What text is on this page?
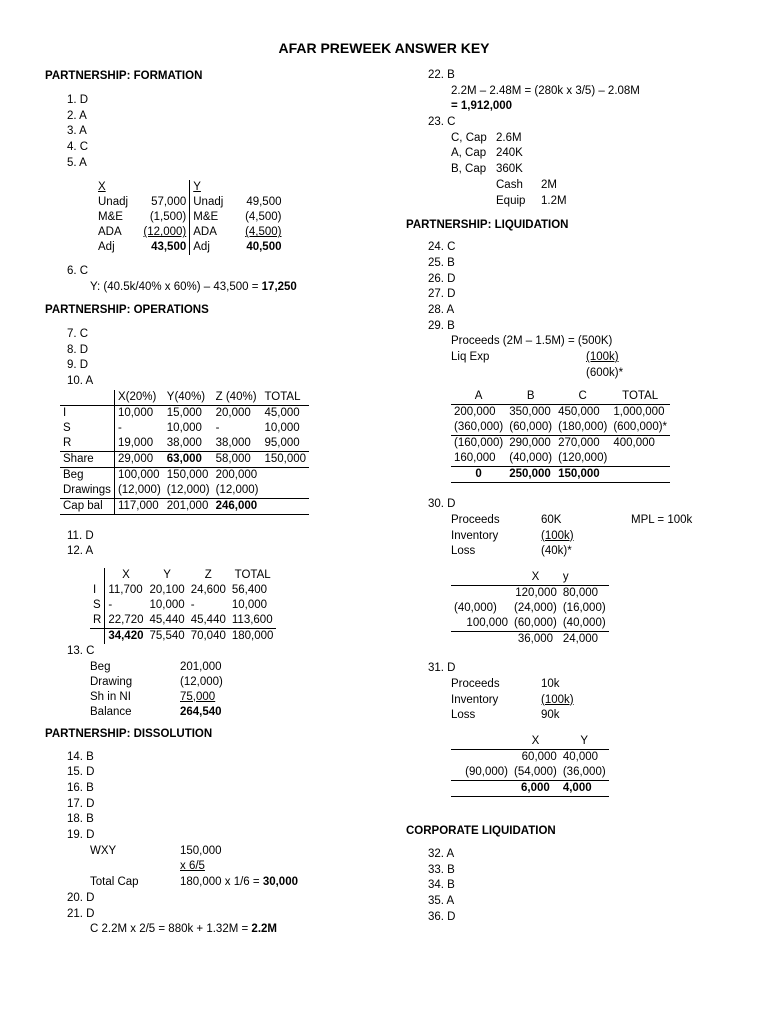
AFAR PREWEEK ANSWER KEY
PARTNERSHIP: FORMATION
1. D
2. A
3. A
4. C
5. A
X		Y	
Unadj	57,000	Unadj	49,500
M&E	(1,500)	M&E	(4,500)
ADA	(12,000)	ADA	(4,500)
Adj	43,500	Adj	40,500
6. C
Y: (40.5k/40% x 60%) – 43,500 = 17,250
PARTNERSHIP: OPERATIONS
7. C
8. D
9. D
10. A
	X(20%)	Y(40%)	Z (40%)	TOTAL
I	10,000	15,000	20,000	45,000
S	-	10,000	-	10,000
R	19,000	38,000	38,000	95,000
Share	29,000	63,000	58,000	150,000
Beg	100,000	150,000	200,000	
Drawings	(12,000)	(12,000)	(12,000)	
Cap bal	117,000	201,000	246,000	
11. D
12. A
	X	Y	Z	TOTAL
I	11,700	20,100	24,600	56,400
S	-	10,000	-	10,000
R	22,720	45,440	45,440	113,600
	34,420	75,540	70,040	180,000
13. C
Beg	201,000
Drawing	(12,000)
Sh in NI	75,000
Balance	264,540
PARTNERSHIP: DISSOLUTION
14. B
15. D
16. B
17. D
18. B
19. D
WXY	150,000
x 6/5
Total Cap	180,000 x 1/6 = 30,000
20. D
21. D
C 2.2M x 2/5 = 880k + 1.32M = 2.2M
22. B
2.2M – 2.48M = (280k x 3/5) – 2.08M
= 1,912,000
23. C
C, Cap 2.6M
A, Cap 240K
B, Cap 360K
Cash 2M
Equip 1.2M
PARTNERSHIP: LIQUIDATION
24. C
25. B
26. D
27. D
28. A
29. B
Proceeds (2M – 1.5M) = (500K)
Liq Exp	(100k)
(600k)*
A	B	C	TOTAL
200,000	350,000	450,000	1,000,000
(360,000)	(60,000)	(180,000)	(600,000)*
(160,000)	290,000	270,000	400,000
160,000	(40,000)	(120,000)	
0	250,000	150,000	
30. D
Proceeds	60K	MPL = 100k
Inventory	(100k)
Loss	(40k)*
	X	y
	120,000	80,000
(40,000)	(24,000)	(16,000)
100,000	(60,000)	(40,000)
	36,000	24,000
31. D
Proceeds	10k
Inventory	(100k)
Loss	90k
	X	Y
	60,000	40,000
(90,000)	(54,000)	(36,000)
	6,000	4,000
CORPORATE LIQUIDATION
32. A
33. B
34. B
35. A
36. D
